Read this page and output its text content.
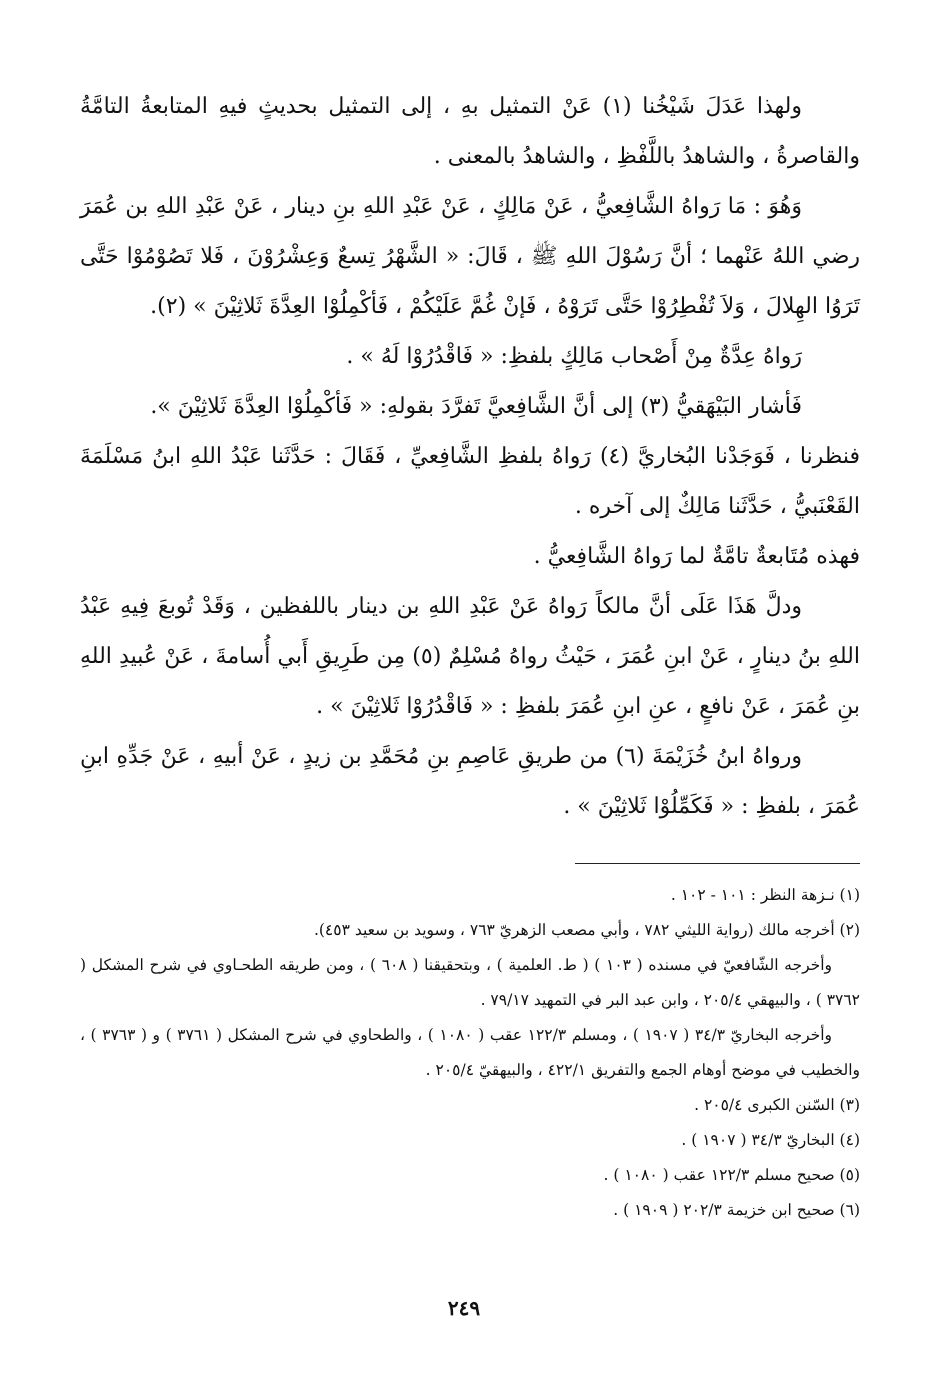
ولهذا عَدَلَ شَيْخُنا (١) عَنْ التمثيل بهِ ، إلى التمثيل بحديثٍ فيهِ المتابعةُ التامَّةُ والقاصرةُ ، والشاهدُ باللَّفْظِ ، والشاهدُ بالمعنى .

وَهُوَ : مَا رَواهُ الشَّافِعيُّ ، عَنْ مَالِكٍ ، عَنْ عَبْدِ اللهِ بنِ دينار ، عَنْ عَبْدِ اللهِ بن عُمَرَ رضي اللهُ عَنْهما ؛ أنَّ رَسُوْلَ اللهِ ﷺ ، قَالَ: « الشَّهْرُ تِسعٌ وَعِشْرُوْنَ ، فَلا تَصُوْمُوْا حَتَّى تَرَوُا الهِلالَ ، وَلاَ تُفْطِرُوْا حَتَّى تَرَوْهُ ، فَإنْ غُمَّ عَلَيْكُمْ ، فَأكْمِلُوْا العِدَّةَ ثَلاثِيْنَ » (٢).

رَواهُ عِدَّةٌ مِنْ أَصْحاب مَالِكٍ بلفظِ: « فَاقْدُرُوْا لَهُ » .

فَأشار البَيْهَقيُّ (٣) إلى أنَّ الشَّافِعيَّ تَفرَّدَ بقولهِ: « فَأكْمِلُوْا العِدَّةَ ثَلاثِيْنَ ».

فنظرنا ، فَوَجَدْنا البُخاريَّ (٤) رَواهُ بلفظِ الشَّافِعيِّ ، فَقَالَ : حَدَّثَنا عَبْدُ اللهِ ابنُ مَسْلَمَةَ القَعْنَبيُّ ، حَدَّثَنا مَالِكٌ إلى آخره .

فهذه مُتَابعةٌ تامَّةٌ لما رَواهُ الشَّافِعيُّ .

ودلَّ هَذَا عَلَى أنَّ مالكاً رَواهُ عَنْ عَبْدِ اللهِ بن دينار باللفظين ، وَقَدْ تُوبعَ فِيهِ عَبْدُ اللهِ بنُ دينارٍ ، عَنْ ابنِ عُمَرَ ، حَيْثُ رواهُ مُسْلِمٌ (٥) مِن طَرِيقِ أَبي أُسامةَ ، عَنْ عُبيدِ اللهِ بنِ عُمَرَ ، عَنْ نافعٍ ، عنِ ابنِ عُمَرَ بلفظِ : « فَاقْدُرُوْا ثَلاثِيْنَ » .

ورواهُ ابنُ خُزَيْمَةَ (٦) من طريقِ عَاصِمِ بنِ مُحَمَّدِ بن زيدٍ ، عَنْ أبيهِ ، عَنْ جَدِّهِ ابنِ عُمَرَ ، بلفظِ : « فَكَمِّلُوْا ثَلاثِيْنَ » .

(١) نـزهة النظر : ١٠١ - ١٠٢ .

(٢) أخرجه مالك (رواية الليثي ٧٨٢ ، وأبي مصعب الزهريّ ٧٦٣ ، وسويد بن سعيد ٤٥٣).

وأخرجه الشّافعيّ في مسنده ( ١٠٣ ) ( ط. العلمية ) ، وبتحقيقنا ( ٦٠٨ ) ، ومن طريقه الطحـاوي في شرح المشكل ( ٣٧٦٢ ) ، والبيهقي ٢٠٥/٤ ، وابن عبد البر في التمهيد ٧٩/١٧ .

وأخرجه البخاريّ ٣٤/٣ ( ١٩٠٧ ) ، ومسلم ١٢٢/٣ عقب ( ١٠٨٠ ) ، والطحاوي في شرح المشكل ( ٣٧٦١ ) و ( ٣٧٦٣ ) ، والخطيب في موضح أوهام الجمع والتفريق ٤٢٢/١ ، والبيهقيّ ٢٠٥/٤ .

(٣) السّنن الكبرى ٢٠٥/٤ .

(٤) البخاريّ ٣٤/٣ ( ١٩٠٧ ) .

(٥) صحيح مسلم ١٢٢/٣ عقب ( ١٠٨٠ ) .

(٦) صحيح ابن خزيمة ٢٠٢/٣ ( ١٩٠٩ ) .

٢٤٩
